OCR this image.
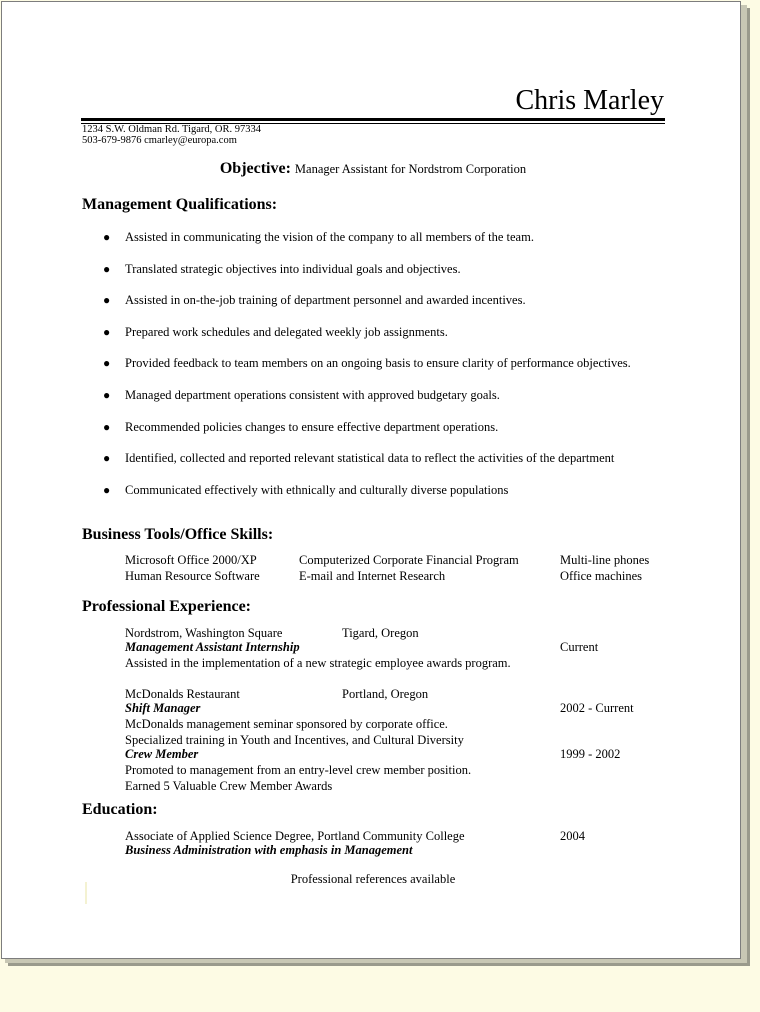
Chris Marley
1234 S.W. Oldman Rd. Tigard, OR. 97334
503-679-9876 cmarley@europa.com
Objective: Manager Assistant for Nordstrom Corporation
Management Qualifications:
● Assisted in communicating the vision of the company to all members of the team.
● Translated strategic objectives into individual goals and objectives.
● Assisted in on-the-job training of department personnel and awarded incentives.
● Prepared work schedules and delegated weekly job assignments.
● Provided feedback to team members on an ongoing basis to ensure clarity of performance objectives.
● Managed department operations consistent with approved budgetary goals.
● Recommended policies changes to ensure effective department operations.
● Identified, collected and reported relevant statistical data to reflect the activities of the department
● Communicated effectively with ethnically and culturally diverse populations
Business Tools/Office Skills:
Microsoft Office 2000/XP	Computerized Corporate Financial Program	Multi-line phones
Human Resource Software	E-mail and Internet Research	Office machines
Professional Experience:
Nordstrom, Washington Square	Tigard, Oregon
Management Assistant Internship	Current
Assisted in the implementation of a new strategic employee awards program.
McDonalds Restaurant	Portland, Oregon
Shift Manager	2002 - Current
McDonalds management seminar sponsored by corporate office.
Specialized training in Youth and Incentives, and Cultural Diversity
Crew Member	1999 - 2002
Promoted to management from an entry-level crew member position.
Earned 5 Valuable Crew Member Awards
Education:
Associate of Applied Science Degree, Portland Community College	2004
Business Administration with emphasis in Management
Professional references available
